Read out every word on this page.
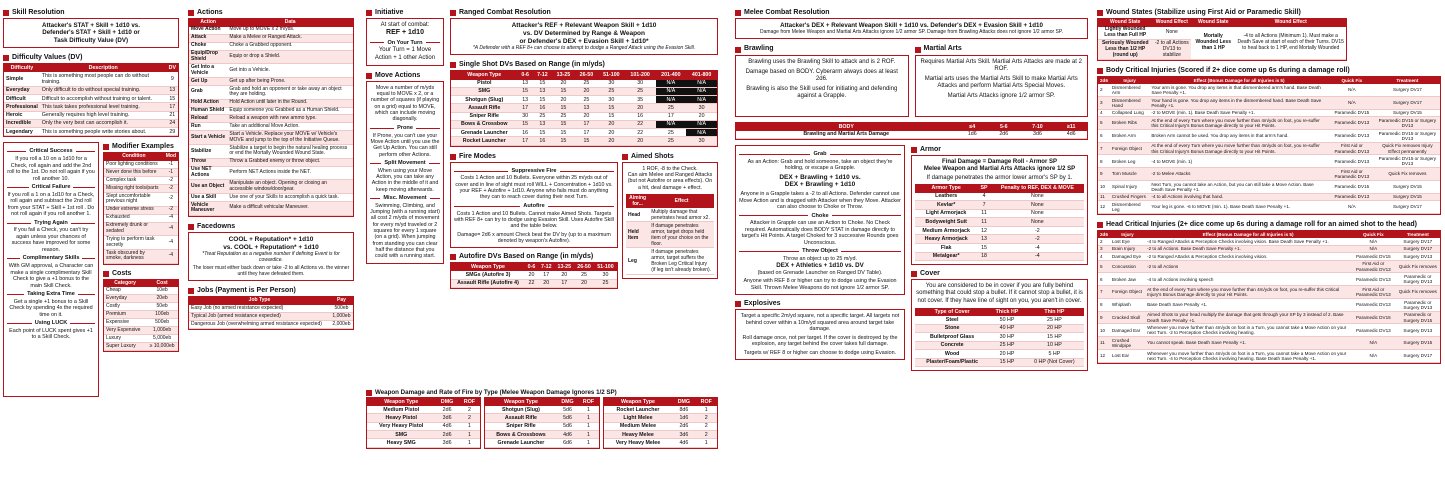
Skill Resolution
Attacker's STAT + Skill + 1d10 vs.
Defender's STAT + Skill + 1d10 or
Task Difficulty Value (DV)
Difficulty Values (DV)
Difficulty	Description	DV
Simple	This is something most people can do without training.	9
Everyday	Only difficult to do without special training.	13
Difficult	Difficult to accomplish without training or talent.	15
Professional	This task takes professional level training.	17
Heroic	Generally requires high level training.	21
Incredible	Only the very best can accomplish it.	24
Legendary	This is something people write stories about.	29
Critical Success
If you roll a 10 on a 1d10 for a Check, roll again and add the 2nd roll to the 1st. Do not roll again if you roll another 10.
Critical Failure
If you roll a 1 on a 1d10 for a Check, roll again and subtract the 2nd roll from your STAT + Skill + 1st roll . Do not roll again if you roll another 1.
Trying Again
If you fail a Check, you can't try again unless your chances of success have improved for some reason.
Complimentary Skills
With GM approval, a Character can make a single complimentary Skill Check to give a +1 bonus to the main Skill Check.
Taking Extra Time
Get a single +1 bonus to a Skill Check by spending 4x the required time on it.
Using LUCK
Each point of LUCK spent gives +1 to a Skill Check.
Modifier Examples
Condition	Mod
Poor lighting conditions	-1
Never done this before	-1
Complex task	-2
Missing right tools/parts	-2
Slept uncomfortable previous night	-2
Under extreme stress	-2
Exhausted	-4
Extremely drunk or sedated	-4
Trying to perform task secretly	-4
Task obscured by smoke, darkness	-4
Costs
Category	Cost
Cheap	10eb
Everyday	20eb
Costly	50eb
Premium	100eb
Expensive	500eb
Very Expensive	1,000eb
Luxury	5,000eb
Super Luxury	≥ 10,000eb
Actions
Action	Data
Move Action	Move up to MOVE x 2 m/yds.
Attack	Make a Melee or Ranged Attack.
Choke	Choke a Grabbed opponent.
Equip/Drop Shield	Equip or drop a Shield.
Get Into a Vehicle	Get into a Vehicle.
Get Up	Get up after being Prone.
Grab	Grab and hold an opponent or take away an object they are holding.
Hold Action	Hold Action until later in the Round.
Human Shield	Equip someone you Grabbed as a Human Shield.
Reload	Reload a weapon with new ammo type.
Run	Take an additional Move Action.
Start a Vehicle	Start a Vehicle. Replace your MOVE w/ Vehicle's MOVE and jump to the top of the Initiative Queue.
Stabilize	Stabilize a target to begin the natural healing process or end the Mortally Wounded Wound State.
Throw	Throw a Grabbed enemy or throw object.
Use NET Actions	Perform NET Actions inside the NET.
Use an Object	Manipulate an object. Opening or closing an accessible window/door/gear.
Use a Skill	Use one of your Skills to accomplish a quick task.
Vehicle Maneuver	Make a difficult vehicular Maneuver.
Facedowns
COOL + Reputation* + 1d10
vs. COOL + Reputation* + 1d10
*Treat Reputation as a negative number if defining Event is for cowardice.
The loser must either back down or take -2 to all Actions vs. the winner until they have defeated them.
Jobs (Payment is Per Person)
Job Type	Pay
Easy Job (no armed resistance expected)	500eb
Typical Job (armed resistance expected)	1,000eb
Dangerous Job (overwhelming armed resistance expected)	2,000eb
Initiative
At start of combat:
REF + 1d10
On Your Turn
Your Turn = 1 Move Action + 1 other Action
Move Actions
Move a number of m/yds equal to MOVE x 2, or a number of squares (if playing on a grid) equal to MOVE, which can include moving diagonally.
Prone
If Prone, you can't use your Move Action until you use the Get Up Action. You can still perform other Actions.
Split Movement
When using your Move Action, you can take any Action in the middle of it and keep moving afterwards.
Misc. Movement
Swimming, Climbing, and Jumping (with a running start) all cost 2 m/yds of movement for every m/yd traveled or 2 squares for every 1 square (on a grid). When jumping from standing you can clear half the distance that you could with a running start.
Ranged Combat Resolution
Attacker's REF + Relevant Weapon Skill + 1d10
vs. DV Determined by Range & Weapon
or Defender's DEX + Evasion Skill + 1d10*
*A Defender with a REF 8+ can choose to attempt to dodge a Ranged Attack using the Evasion Skill.
Single Shot DVs Based on Range (in m/yds)
Weapon Type	0-6	7-12	13-25	26-50	51-100	101-200	201-400	401-800
Pistol	13	15	20	25	30	30	N/A	N/A
SMG	15	13	15	20	25	25	N/A	N/A
Shotgun (Slug)	13	15	20	25	30	35	N/A	N/A
Assault Rifle	17	16	15	13	15	20	25	30
Sniper Rifle	30	25	25	20	15	16	17	20
Bows & Crossbow	15	13	15	17	20	22	N/A	N/A
Grenade Launcher	16	15	15	17	20	22	25	N/A
Rocket Launcher	17	16	15	15	20	20	25	30
Fire Modes
Suppressive Fire
Costs 1 Action and 10 Bullets. Everyone within 25 m/yds out of cover and in line of sight must roll WILL + Concentration + 1d10 vs. your REF + Autofire + 1d10. Anyone who fails must do anything they can to reach cover during their next Turn.
Autofire
Costs 1 Action and 10 Bullets. Cannot make Aimed Shots. Targets with REF 8+ can try to dodge using Evasion Skill. Uses Autofire Skill and the table below.
Damage= 2d6 x amount Check beat the DV by (up to a maximum denoted by weapon's Autofire).
Autofire DVs Based on Range (in m/yds)
Weapon Type	0-6	7-12	13-25	26-50	51-100
SMGs (Autofire 3)	20	17	20	25	30
Assault Rifle (Autofire 4)	22	20	17	20	25
Aimed Shots
1 ROF, -8 to the Check.
Can aim Melee and Ranged Attacks (but not Autofire or area effects). On a hit, deal damage + effect.
Aiming for...	Effect
Head	Multiply damage that penetrates head armor x2.
Held Item	If damage penetrates armor, target drops held item of your choice on the floor.
Leg	If damage penetrates armor, target suffers the Broken Leg Critical Injury (if leg isn't already broken).
Weapon Damage and Rate of Fire by Type (Melee Weapon Damage Ignores 1/2 SP)
Weapon Type	DMG	ROF
Medium Pistol	2d6	2
Heavy Pistol	3d6	2
Very Heavy Pistol	4d6	1
SMG	2d6	1
Heavy SMG	3d6	1
Weapon Type	DMG	ROF
Shotgun (Slug)	5d6	1
Assault Rifle	5d6	1
Sniper Rifle	5d6	1
Bows & Crossbows	4d6	1
Grenade Launcher	6d6	1
Weapon Type	DMG	ROF
Rocket Launcher	8d6	1
Light Melee	1d6	2
Medium Melee	2d6	2
Heavy Melee	3d6	2
Very Heavy Melee	4d6	1
Melee Combat Resolution
Attacker's DEX + Relevant Weapon Skill + 1d10 vs. Defender's DEX + Evasion Skill + 1d10
Damage from Melee Weapon and Martial Arts Attacks ignore 1/2 armor SP. Damage from Brawling Attacks does not ignore 1/2 armor SP.
Brawling
Brawling uses the Brawling Skill to attack and is 2 ROF.
Damage based on BODY. Cyberarm always does at least 2d6.
Brawling is also the Skill used for initiating and defending against a Grapple.
Martial Arts
Requires Martial Arts Skill. Martial Arts Attacks are made at 2 ROF.
Martial arts uses the Martial Arts Skill to make Martial Arts Attacks and perform Martial Arts Special Moves.
Martial Arts Attacks ignore 1/2 armor SP.
BODY	≤4	5-6	7-10	≥11
Brawling and Martial Arts Damage	1d6	2d6	3d6	4d6
Grab
As an Action: Grab and hold someone, take an object they're holding, or escape a Grapple.
DEX + Brawling + 1d10 vs.
DEX + Brawling + 1d10
Anyone in a Grapple takes a -2 to all Actions. Defender cannot use Move Action and is dragged with Attacker when they Move. Attacker can also choose to Choke or Throw.
Choke
Attacker in Grapple can use an Action to Choke. No Check required. Automatically does BODY STAT in damage directly to target's Hit Points. A target Choked for 3 successive Rounds goes Unconscious.
Throw Object
Throw an object up to 25 m/yd.
DEX + Athletics + 1d10 vs. DV
(based on Grenade Launcher on Ranged DV Table).
Anyone with REF 8 or higher can try to dodge using the Evasion Skill. Thrown Melee Weapons do not ignore 1/2 armor SP.
Explosives
Target a specific 2m/yd square, not a specific target. All targets not behind cover within a 10m/yd squared area around target take damage.
Roll damage once, not per target. If the cover is destroyed by the explosion, any target behind the cover takes full damage.
Targets w/ REF 8 or higher can choose to dodge using Evasion.
Armor
Final Damage = Damage Roll - Armor SP
Melee Weapon and Martial Arts Attacks ignore 1/2 SP
If damage penetrates the armor lower armor's SP by 1.
Armor Type	SP	Penalty to REF, DEX & MOVE
Leathers	4	None
Kevlar*	7	None
Light Armorjack	11	None
Bodyweight Suit	11	None
Medium Armorjack	12	-2
Heavy Armorjack	13	-2
Flak	15	-4
Metalgear*	18	-4
Cover
You are considered to be in cover if you are fully behind something that could stop a bullet. If it cannot stop a bullet, it is not cover. If they have line of sight on you, you aren't in cover.
Type of Cover	Thick HP	Thin HP
Steel	50 HP	25 HP
Stone	40 HP	20 HP
Bulletproof Glass	30 HP	15 HP
Concrete	25 HP	10 HP
Wood	20 HP	5 HP
Plaster/Foam/Plastic	15 HP	0 HP (Not Cover)
Wound States (Stabilize using First Aid or Paramedic Skill)
Wound State	Wound Effect	Wound State	Wound Effect
Lightly Wounded Less than Full HP	None	Mortally Wounded Less than 1 HP	-4 to all Actions (Minimum 1). Must make a Death Save at start of each of their Turns. DV15 to heal back to 1 HP, end Mortally Wounded
Seriously Wounded Less than 1/2 HP (round up)	-2 to all Actions DV13 to stabilize		
Body Critical Injuries (Scored if 2+ dice come up 6s during a damage roll)
2d6	Injury	Effect (Bonus Damage for all Injuries is 5)	Quick Fix	Treatment
2	Dismembered Arm	Your arm is gone. You drop any items in that dismembered arm's hand. Base Death Save Penalty +1.	N/A	Surgery DV17
3	Dismembered Hand	Your hand is gone. You drop any items in the dismembered hand. Base Death Save Penalty +1.	N/A	Surgery DV17
4	Collapsed Lung	-2 to MOVE (min. 1). Base Death Save Penalty +1.	Paramedic DV15	Surgery DV15
5	Broken Ribs	At the end of every Turn where you move further than 4m/yds on foot, you re-suffer this Critical Injury's Bonus Damage directly to your Hit Points.	Paramedic DV13	Paramedic DV15 or Surgery DV13
6	Broken Arm	Broken Arm cannot be used. You drop any items in that arm's hand.	Paramedic DV13	Paramedic DV15 or Surgery DV13
7	Foreign Object	At the end of every Turn where you move further than 4m/yds on foot, you re-suffer this Critical Injury's Bonus Damage directly to your Hit Points.	First Aid or Paramedic DV13	Quick Fix removes Injury Effect permanently
8	Broken Leg	-4 to MOVE (min. 1)	Paramedic DV13	Paramedic DV15 or Surgery DV13
9	Torn Muscle	-2 to Melee Attacks	First Aid or Paramedic DV13	Quick Fix removes
10	Spinal Injury	Next Turn, you cannot take an Action, but you can still take a Move Action. Base Death Save Penalty +1.	Paramedic DV15	Surgery DV15
11	Crushed Fingers	-4 to all Actions involving that hand.	Paramedic DV13	Surgery DV15
12	Dismembered Leg	Your leg is gone. -6 to MOVE (min. 1). Base Death Save Penalty +1.	N/A	Surgery DV17
Head Critical Injuries (2+ dice come up 6s during a damage roll for an aimed shot to the head)
2d6	Injury	Effect (Bonus Damage for all Injuries is 5)	Quick Fix	Treatment
2	Lost Eye	-4 to Ranged Attacks & Perception Checks involving vision. Base Death Save Penalty +1.	N/A	Surgery DV17
3	Brain Injury	-2 to all Actions. Base Death Save Penalty +1.	N/A	Surgery DV17
4	Damaged Eye	-2 to Ranged Attacks & Perception Checks involving vision.	Paramedic DV15	Surgery DV13
5	Concussion	-2 to all Actions	First Aid or Paramedic DV13	Quick Fix removes
6	Broken Jaw	-4 to all Actions involving speech	Paramedic DV13	Paramedic or Surgery DV13
7	Foreign Object	At the end of every Turn where you move further than 4m/yds on foot, you re-suffer this Critical Injury's Bonus Damage directly to your Hit Points.	First Aid or Paramedic DV13	Quick Fix removes
8	Whiplash	Base Death Save Penalty +1.	Paramedic DV13	Paramedic or Surgery DV13
9	Cracked Skull	Aimed Shots to your head multiply the damage that gets through your SP by 3 instead of 2. Base Death Save Penalty +1.	Paramedic DV15	Paramedic or Surgery DV15
10	Damaged Ear	Whenever you move further than 4m/yds on foot in a Turn, you cannot take a Move Action on your next Turn. -2 to Perception Checks involving hearing.	Paramedic DV13	Surgery DV13
11	Crushed Windpipe	You cannot speak. Base Death Save Penalty +1.	N/A	Surgery DV15
12	Lost Ear	Whenever you move further than 4m/yds on foot in a Turn, you cannot take a Move Action on your next Turn. -4 to Perception Checks involving hearing. Base Death Save Penalty +1.	N/A	Surgery DV17
